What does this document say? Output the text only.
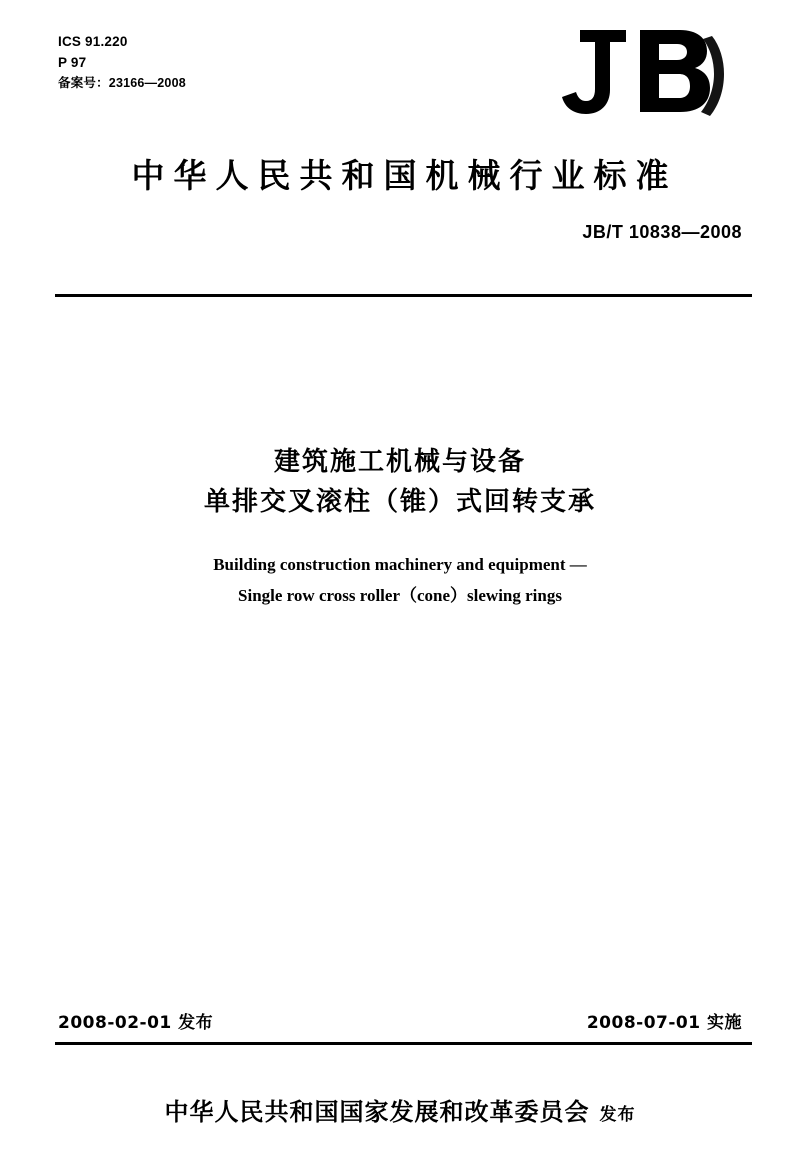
ICS 91.220
P 97
备案号：23166—2008
中华人民共和国机械行业标准
JB/T 10838—2008
建筑施工机械与设备
单排交叉滚柱（锥）式回转支承
Building construction machinery and equipment —
Single row cross roller（cone）slewing rings
2008-02-01 发布	2008-07-01 实施
中华人民共和国国家发展和改革委员会 发布
